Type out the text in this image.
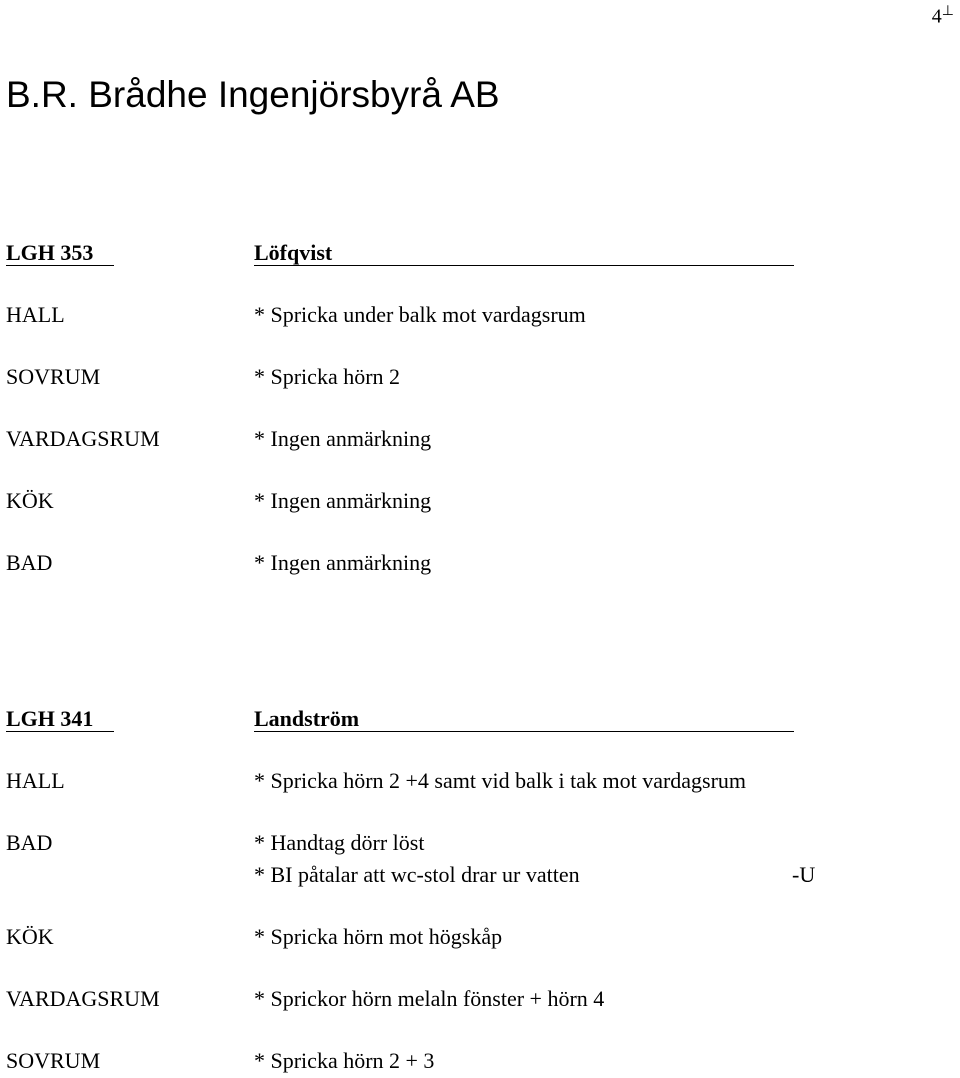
4⊥
B.R. Brådhe Ingenjörsbyrå AB
LGH 353	Löfqvist
HALL	* Spricka under balk mot vardagsrum
SOVRUM	* Spricka hörn 2
VARDAGSRUM	* Ingen anmärkning
KÖK	* Ingen anmärkning
BAD	* Ingen anmärkning
LGH 341	Landström
HALL	* Spricka hörn 2 +4 samt vid balk i tak mot vardagsrum
BAD	* Handtag dörr löst
* BI påtalar att wc-stol drar ur vatten	-U
KÖK	* Spricka hörn mot högskåp
VARDAGSRUM	* Sprickor hörn melaln fönster + hörn 4
SOVRUM	* Spricka hörn 2 + 3
